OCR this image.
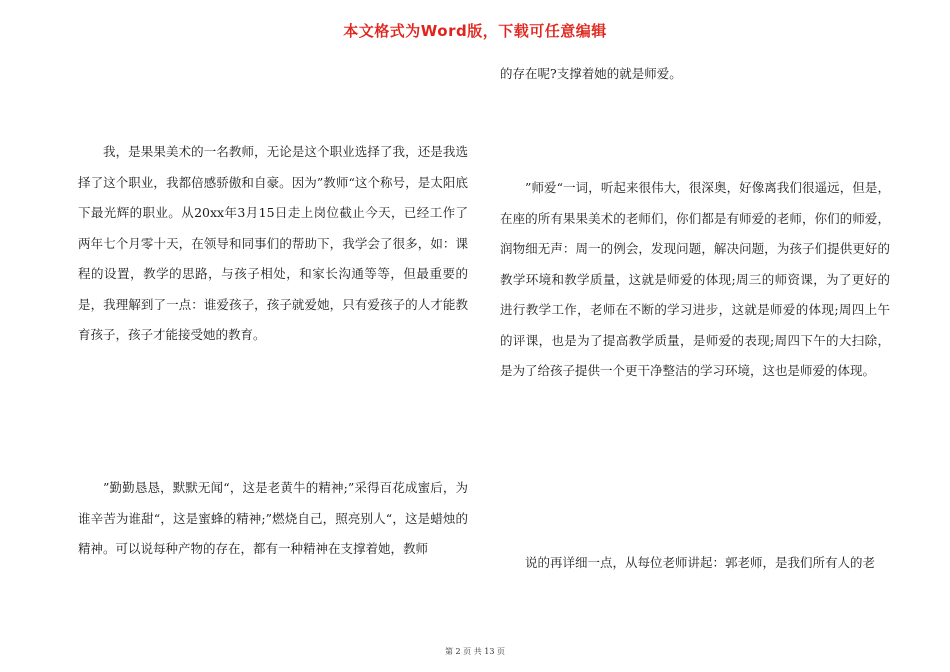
本文格式为Word版，下载可任意编辑

我，是果果美术的一名教师，无论是这个职业选择了我，还是我选择了这个职业，我都倍感骄傲和自豪。因为”教师“这个称号，是太阳底下最光辉的职业。从20xx年3月15日走上岗位截止今天，已经工作了两年七个月零十天，在领导和同事们的帮助下，我学会了很多，如：课程的设置，教学的思路，与孩子相处，和家长沟通等等，但最重要的是，我理解到了一点：谁爱孩子，孩子就爱她，只有爱孩子的人才能教育孩子，孩子才能接受她的教育。

”勤勤恳恳，默默无闻“，这是老黄牛的精神;”采得百花成蜜后，为谁辛苦为谁甜“，这是蜜蜂的精神;”燃烧自己，照亮别人“，这是蜡烛的精神。可以说每种产物的存在，都有一种精神在支撑着她，教师

的存在呢?支撑着她的就是师爱。

”师爱“一词，听起来很伟大，很深奥，好像离我们很遥远，但是，在座的所有果果美术的老师们，你们都是有师爱的老师，你们的师爱，润物细无声：周一的例会，发现问题，解决问题，为孩子们提供更好的教学环境和教学质量，这就是师爱的体现;周三的师资课，为了更好的进行教学工作，老师在不断的学习进步，这就是师爱的体现;周四上午的评课，也是为了提高教学质量，是师爱的表现;周四下午的大扫除，是为了给孩子提供一个更干净整洁的学习环境，这也是师爱的体现。

说的再详细一点，从每位老师讲起：郭老师，是我们所有人的老

第 2 页 共 13 页
